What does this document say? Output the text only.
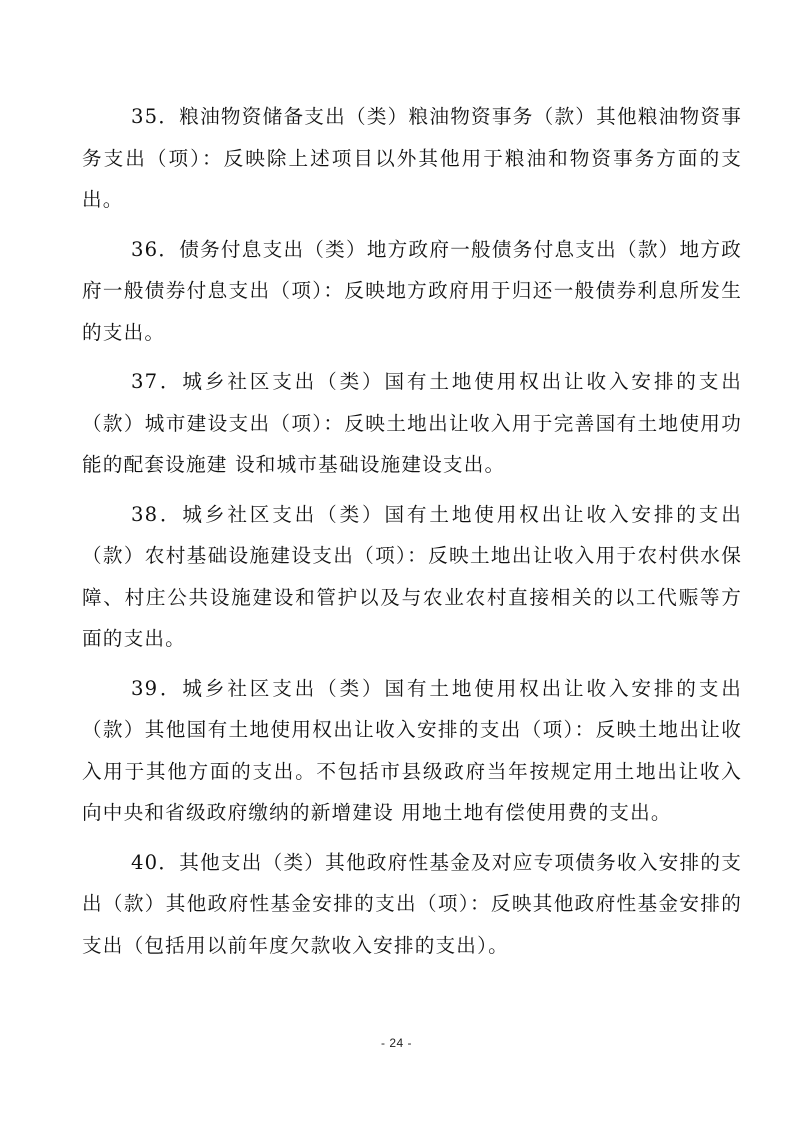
35．粮油物资储备支出（类）粮油物资事务（款）其他粮油物资事务支出（项）：反映除上述项目以外其他用于粮油和物资事务方面的支出。

36．债务付息支出（类）地方政府一般债务付息支出（款）地方政府一般债券付息支出（项）：反映地方政府用于归还一般债券利息所发生的支出。

37．城乡社区支出（类）国有土地使用权出让收入安排的支出（款）城市建设支出（项）：反映土地出让收入用于完善国有土地使用功能的配套设施建 设和城市基础设施建设支出。

38．城乡社区支出（类）国有土地使用权出让收入安排的支出（款）农村基础设施建设支出（项）：反映土地出让收入用于农村供水保障、村庄公共设施建设和管护以及与农业农村直接相关的以工代赈等方面的支出。

39．城乡社区支出（类）国有土地使用权出让收入安排的支出（款）其他国有土地使用权出让收入安排的支出（项）：反映土地出让收入用于其他方面的支出。不包括市县级政府当年按规定用土地出让收入向中央和省级政府缴纳的新增建设 用地土地有偿使用费的支出。

40．其他支出（类）其他政府性基金及对应专项债务收入安排的支出（款）其他政府性基金安排的支出（项）：反映其他政府性基金安排的支出（包括用以前年度欠款收入安排的支出）。

- 24 -
